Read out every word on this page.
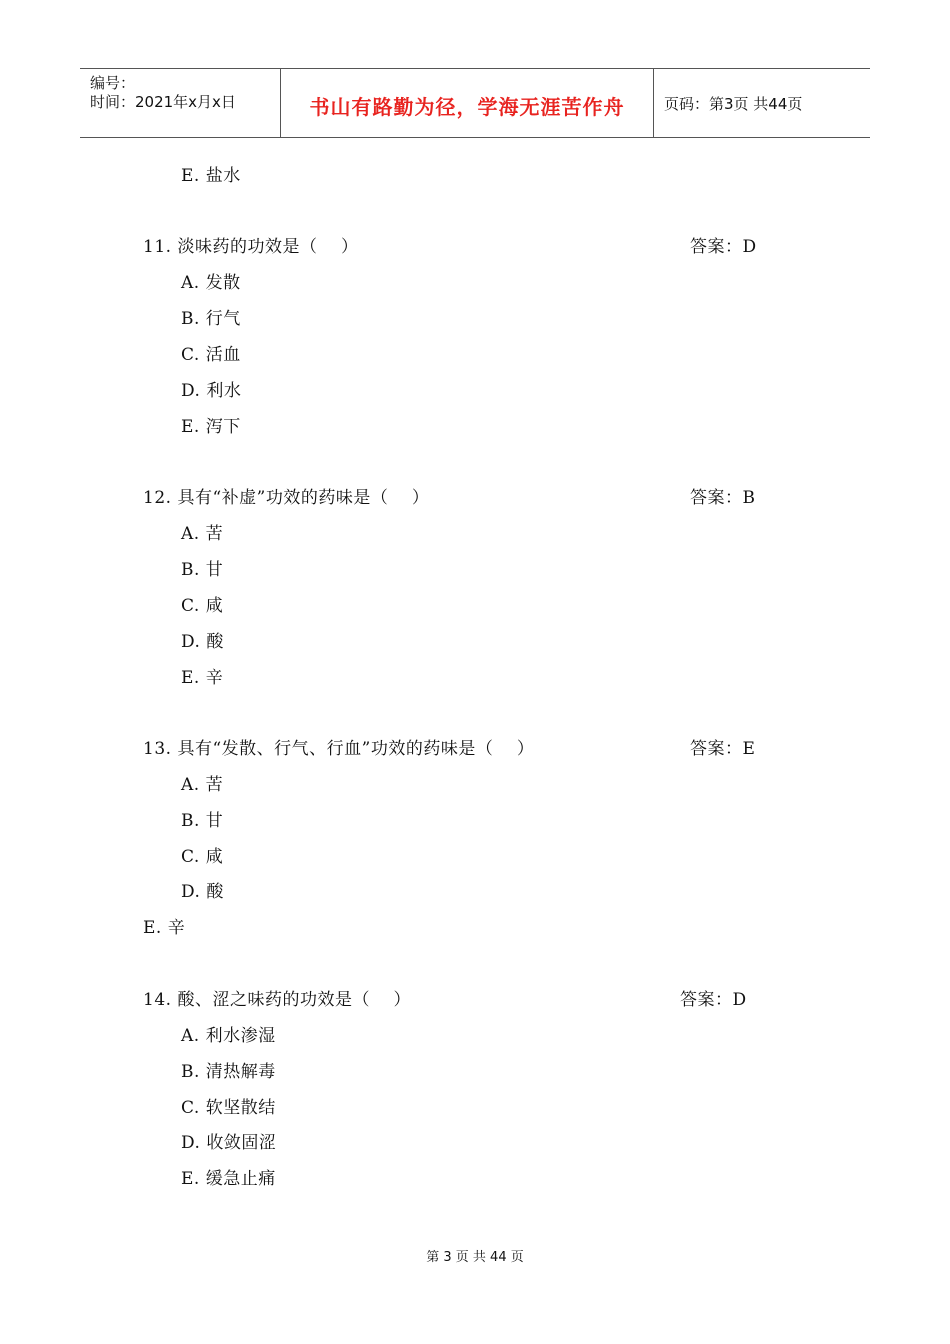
编号：
时间：2021年x月x日	书山有路勤为径，学海无涯苦作舟	页码：第3页 共44页
E. 盐水
11. 淡味药的功效是（    ）	答案：D
A. 发散
B. 行气
C. 活血
D. 利水
E. 泻下
12. 具有“补虚”功效的药味是（    ）	答案：B
A. 苦
B. 甘
C. 咸
D. 酸
E. 辛
13. 具有“发散、行气、行血”功效的药味是（    ）	答案：E
A. 苦
B. 甘
C. 咸
D. 酸
E. 辛
14. 酸、涩之味药的功效是（    ）	答案：D
A. 利水渗湿
B. 清热解毒
C. 软坚散结
D. 收敛固涩
E. 缓急止痛
第 3 页 共 44 页
